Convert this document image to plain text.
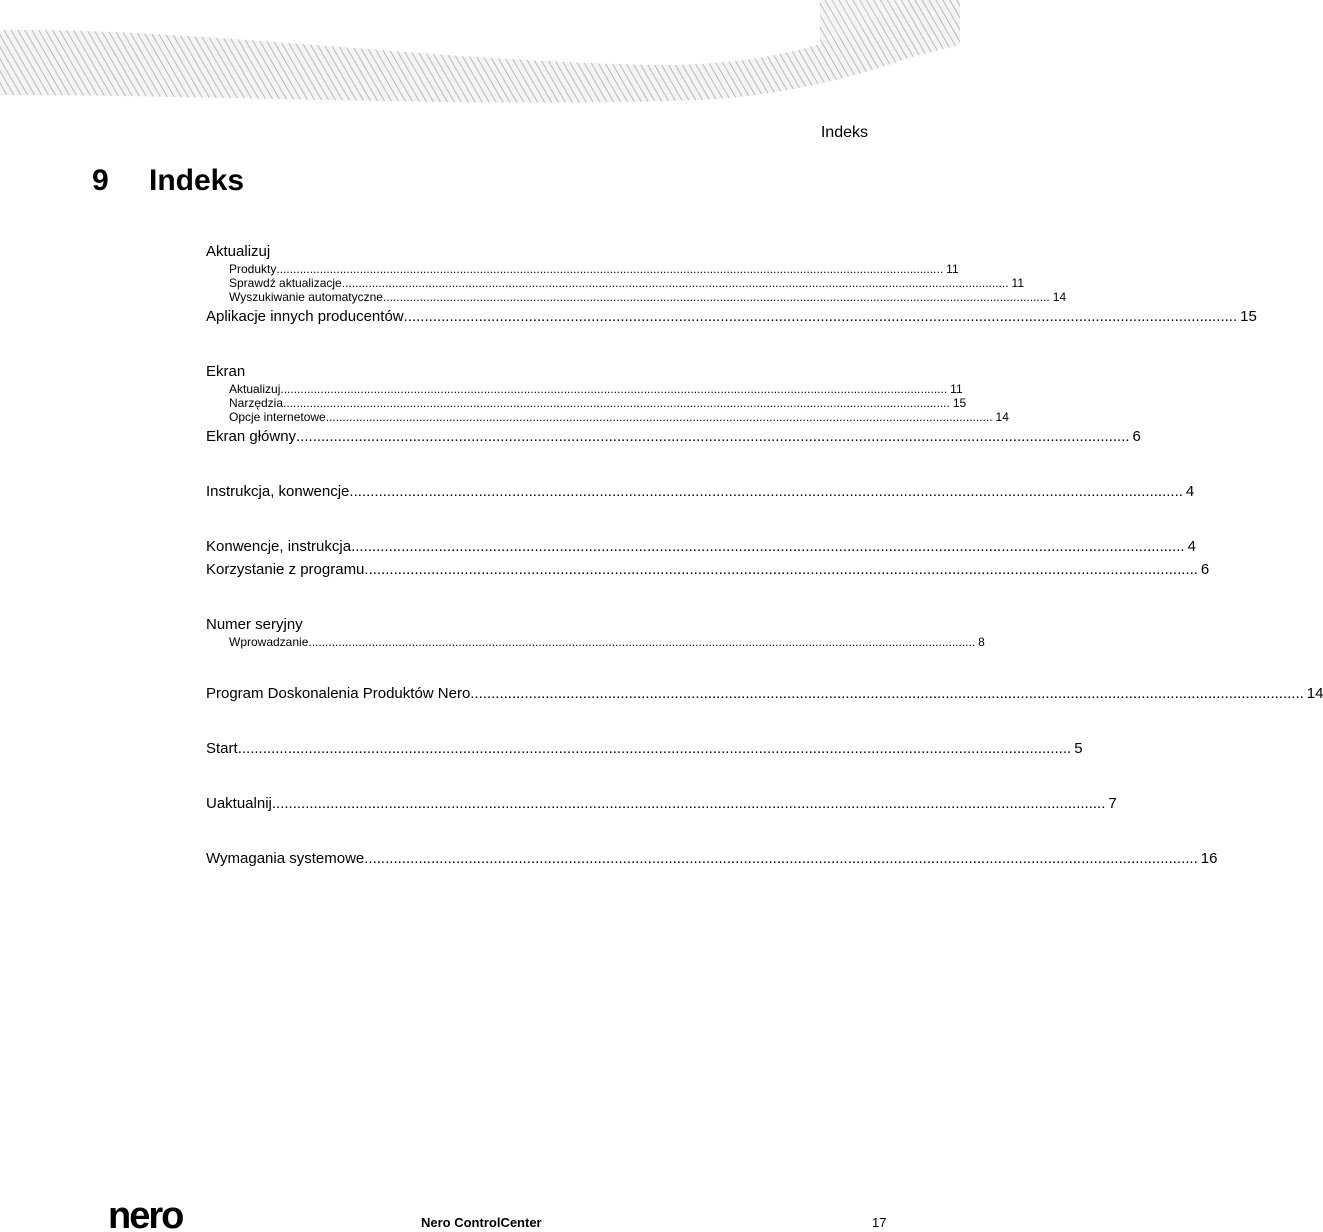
Indeks
9	Indeks
Aktualizuj
Produkty ........................................................................................................................................................................................................ 11
Sprawdź aktualizacje ........................................................................................................................................................................................................ 11
Wyszukiwanie automatyczne ........................................................................................................................................................................................................ 14
Aplikacje innych producentów ........................................................................................................................................................................................................ 15
Ekran
Aktualizuj ........................................................................................................................................................................................................ 11
Narzędzia ........................................................................................................................................................................................................ 15
Opcje internetowe ........................................................................................................................................................................................................ 14
Ekran główny ........................................................................................................................................................................................................ 6
Instrukcja, konwencje ........................................................................................................................................................................................................ 4
Konwencje, instrukcja ........................................................................................................................................................................................................ 4
Korzystanie z programu ........................................................................................................................................................................................................ 6
Numer seryjny
Wprowadzanie ........................................................................................................................................................................................................ 8
Program Doskonalenia Produktów Nero ........................................................................................................................................................................................................ 14
Start ........................................................................................................................................................................................................ 5
Uaktualnij ........................................................................................................................................................................................................ 7
Wymagania systemowe ........................................................................................................................................................................................................ 16
nero	Nero ControlCenter	17
